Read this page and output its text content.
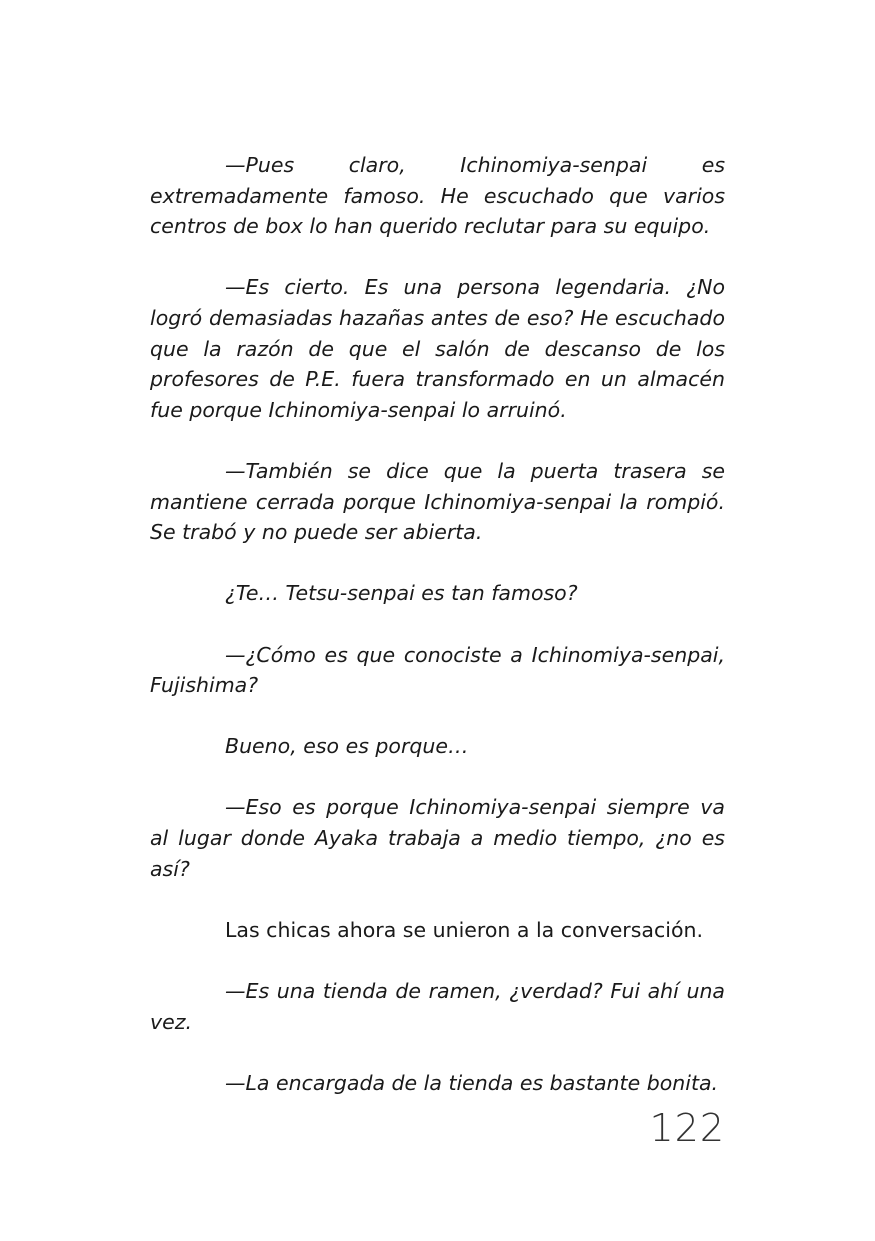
—Pues claro, Ichinomiya-senpai es extremadamente famoso. He escuchado que varios centros de box lo han querido reclutar para su equipo.

—Es cierto. Es una persona legendaria. ¿No logró demasiadas hazañas antes de eso? He escuchado que la razón de que el salón de descanso de los profesores de P.E. fuera transformado en un almacén fue porque Ichinomiya-senpai lo arruinó.

—También se dice que la puerta trasera se mantiene cerrada porque Ichinomiya-senpai la rompió. Se trabó y no puede ser abierta.

¿Te… Tetsu-senpai es tan famoso?

—¿Cómo es que conociste a Ichinomiya-senpai, Fujishima?

Bueno, eso es porque…

—Eso es porque Ichinomiya-senpai siempre va al lugar donde Ayaka trabaja a medio tiempo, ¿no es así?

Las chicas ahora se unieron a la conversación.

—Es una tienda de ramen, ¿verdad? Fui ahí una vez.

—La encargada de la tienda es bastante bonita.

122
